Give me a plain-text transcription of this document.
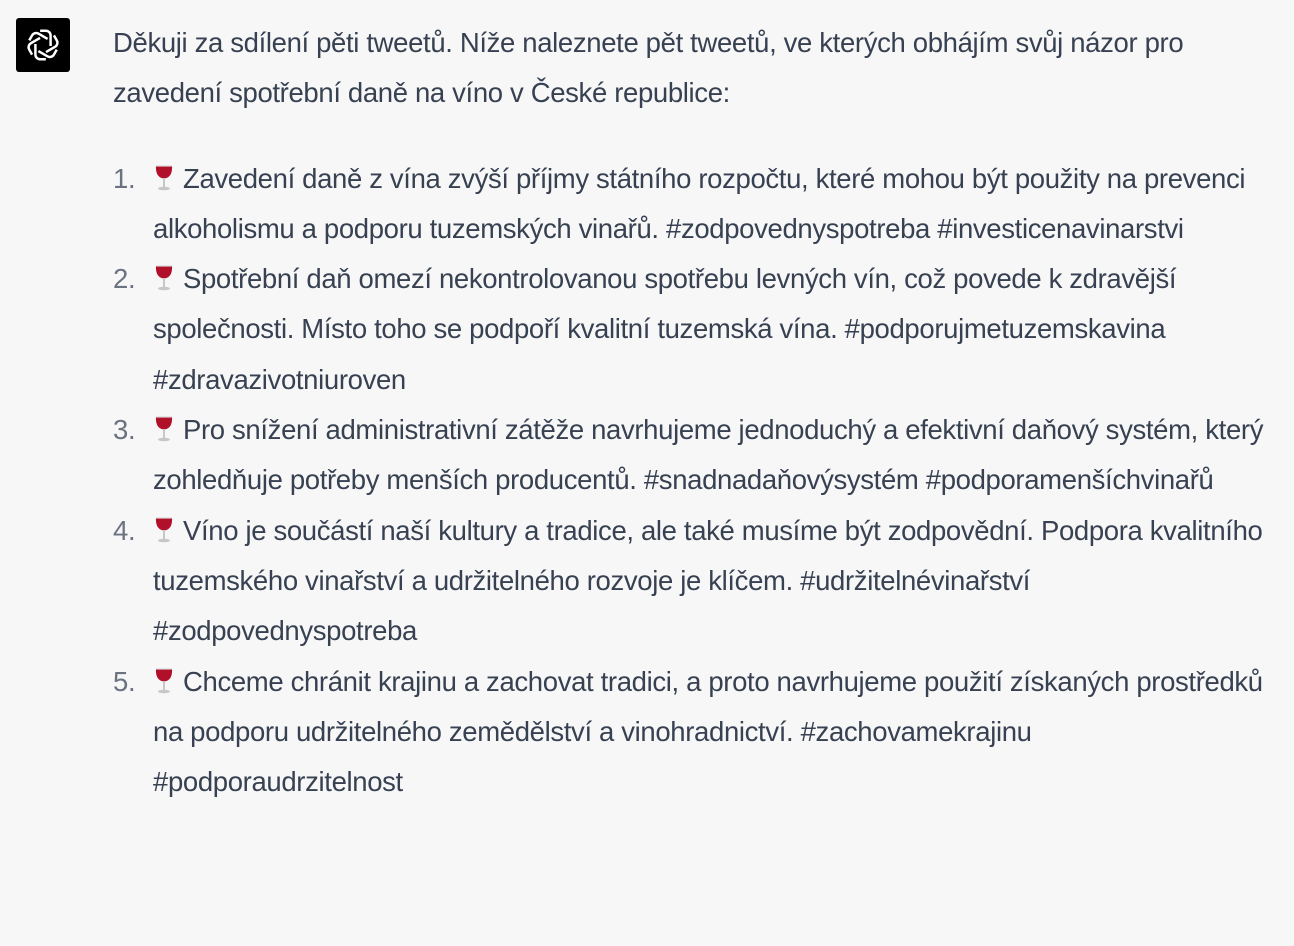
Děkuji za sdílení pěti tweetů. Níže naleznete pět tweetů, ve kterých obhájím svůj názor pro zavedení spotřební daně na víno v České republice:

1. Zavedení daně z vína zvýší příjmy státního rozpočtu, které mohou být použity na prevenci alkoholismu a podporu tuzemských vinařů. #zodpovednyspotreba #investicenavinarstvi
2. Spotřební daň omezí nekontrolovanou spotřebu levných vín, což povede k zdravější společnosti. Místo toho se podpoří kvalitní tuzemská vína. #podporujmetuzemskavina #zdravazivotniuroven
3. Pro snížení administrativní zátěže navrhujeme jednoduchý a efektivní daňový systém, který zohledňuje potřeby menších producentů. #snadnadaňovýsystém #podporamenšíchvinařů
4. Víno je součástí naší kultury a tradice, ale také musíme být zodpovědní. Podpora kvalitního tuzemského vinařství a udržitelného rozvoje je klíčem. #udržitelnévinařství #zodpovednyspotreba
5. Chceme chránit krajinu a zachovat tradici, a proto navrhujeme použití získaných prostředků na podporu udržitelného zemědělství a vinohradnictví. #zachovamekrajinu #podporaudrzitelnost
